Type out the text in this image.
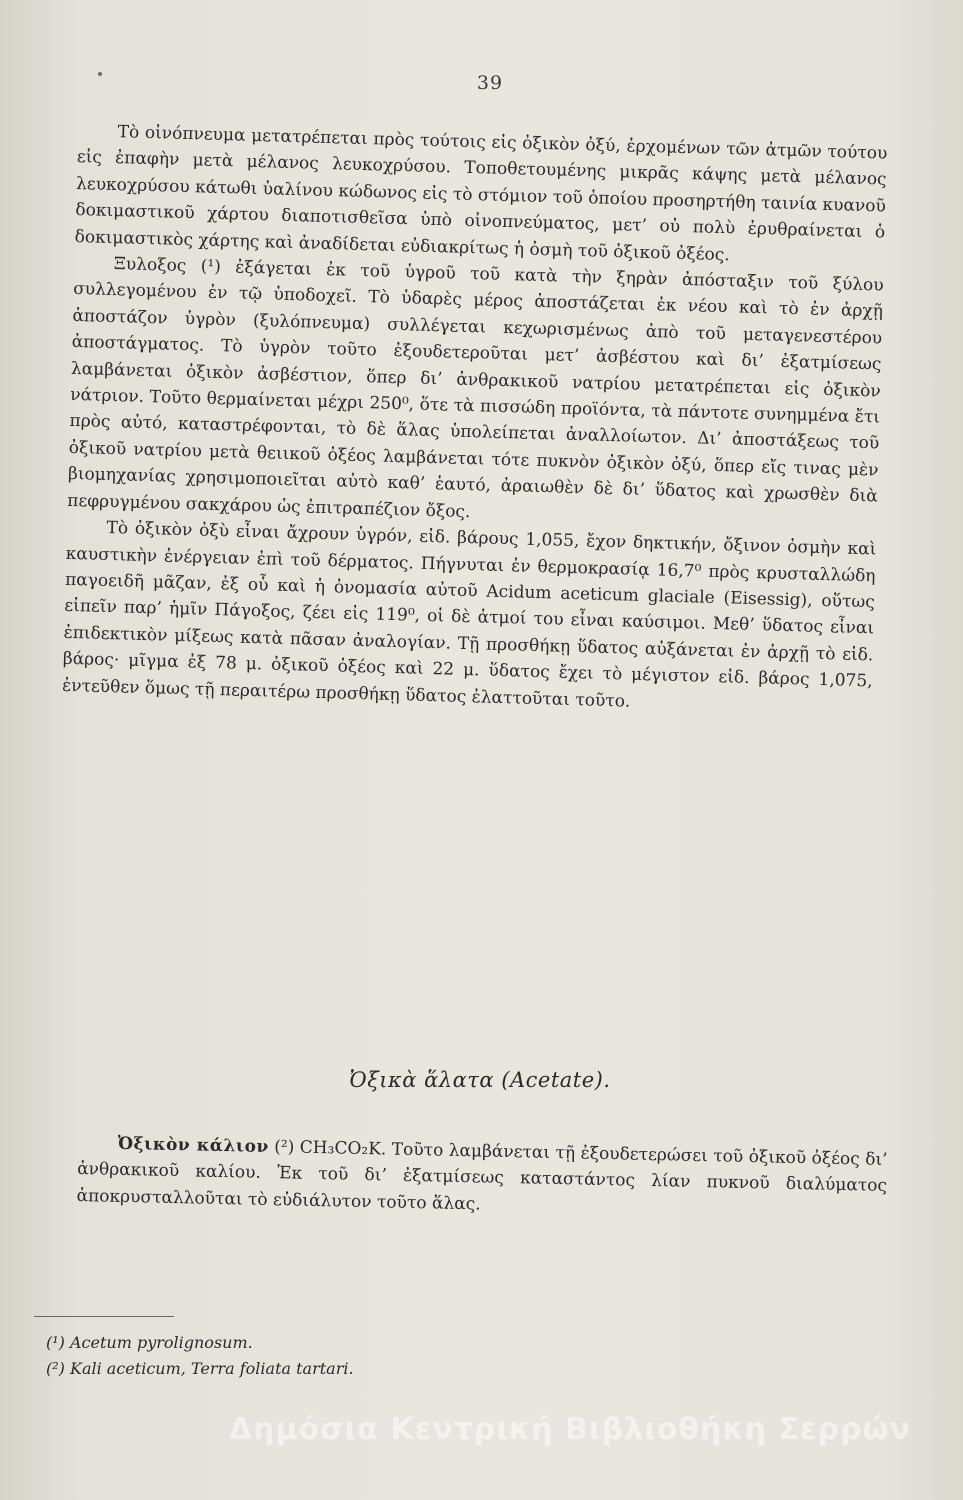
39

Τὸ οἰνόπνευμα μετατρέπεται πρὸς τούτοις εἰς ὀξικὸν ὀξύ, ἐρχομένων τῶν ἀτμῶν τούτου εἰς ἐπαφὴν μετὰ μέλανος λευκοχρύσου. Τοποθετουμένης μικρᾶς κάψης μετὰ μέλανος λευκοχρύσου κάτωθι ὑαλίνου κώδωνος εἰς τὸ στόμιον τοῦ ὁποίου προσηρτήθη ταινία κυανοῦ δοκιμαστικοῦ χάρτου διαποτισθεῖσα ὑπὸ οἰνοπνεύματος, μετ’ οὐ πολὺ ἐρυθραίνεται ὁ δοκιμαστικὸς χάρτης καὶ ἀναδίδεται εὐδιακρίτως ἡ ὀσμὴ τοῦ ὀξικοῦ ὀξέος.

Ξυλοξος (¹) ἐξάγεται ἐκ τοῦ ὑγροῦ τοῦ κατὰ τὴν ξηρὰν ἀπόσταξιν τοῦ ξύλου συλλεγομένου ἐν τῷ ὑποδοχεῖ. Τὸ ὑδαρὲς μέρος ἀποστάζεται ἐκ νέου καὶ τὸ ἐν ἀρχῇ ἀποστάζον ὑγρὸν (ξυλόπνευμα) συλλέγεται κεχωρισμένως ἀπὸ τοῦ μεταγενεστέρου ἀποστάγματος. Τὸ ὑγρὸν τοῦτο ἐξουδετεροῦται μετ’ ἀσβέστου καὶ δι’ ἐξατμίσεως λαμβάνεται ὀξικὸν ἀσβέστιον, ὅπερ δι’ ἀνθρακικοῦ νατρίου μετατρέπεται εἰς ὀξικὸν νάτριον. Τοῦτο θερμαίνεται μέχρι 250⁰, ὅτε τὰ πισσώδη προϊόντα, τὰ πάντοτε συνημμένα ἔτι πρὸς αὐτό, καταστρέφονται, τὸ δὲ ἅλας ὑπολείπεται ἀναλλοίωτον. Δι’ ἀποστάξεως τοῦ ὀξικοῦ νατρίου μετὰ θειικοῦ ὀξέος λαμβάνεται τότε πυκνὸν ὀξικὸν ὀξύ, ὅπερ εἴς τινας μὲν βιομηχανίας χρησιμοποιεῖται αὐτὸ καθ’ ἑαυτό, ἀραιωθὲν δὲ δι’ ὕδατος καὶ χρωσθὲν διὰ πεφρυγμένου σακχάρου ὡς ἐπιτραπέζιον ὄξος.

Τὸ ὀξικὸν ὀξὺ εἶναι ἄχρουν ὑγρόν, εἰδ. βάρους 1,055, ἔχον δηκτικήν, ὄξινον ὀσμὴν καὶ καυστικὴν ἐνέργειαν ἐπὶ τοῦ δέρματος. Πήγνυται ἐν θερμοκρασίᾳ 16,7⁰ πρὸς κρυσταλλώδη παγοειδῆ μᾶζαν, ἐξ οὗ καὶ ἡ ὀνομασία αὐτοῦ Acidum aceticum glaciale (Eisessig), οὕτως εἰπεῖν παρ’ ἡμῖν Πάγοξος, ζέει εἰς 119⁰, οἱ δὲ ἀτμοί του εἶναι καύσιμοι. Μεθ’ ὕδατος εἶναι ἐπιδεκτικὸν μίξεως κατὰ πᾶσαν ἀναλογίαν. Τῇ προσθήκῃ ὕδατος αὐξάνεται ἐν ἀρχῇ τὸ εἰδ. βάρος· μῖγμα ἐξ 78 μ. ὀξικοῦ ὀξέος καὶ 22 μ. ὕδατος ἔχει τὸ μέγιστον εἰδ. βάρος 1,075, ἐντεῦθεν ὅμως τῇ περαιτέρω προσθήκῃ ὕδατος ἐλαττοῦται τοῦτο.

Ὀξικὰ ἅλατα (Acetate).

Ὀξικὸν κάλιον (²) CH₃CO₂K. Τοῦτο λαμβάνεται τῇ ἐξουδετερώσει τοῦ ὀξικοῦ ὀξέος δι’ ἀνθρακικοῦ καλίου. Ἐκ τοῦ δι’ ἐξατμίσεως καταστάντος λίαν πυκνοῦ διαλύματος ἀποκρυσταλλοῦται τὸ εὐδιάλυτον τοῦτο ἅλας.

(¹) Acetum pyrolignosum.
(²) Kali aceticum, Terra foliata tartari.
Δημόσια Κεντρική Βιβλιοθήκη Σερρών
